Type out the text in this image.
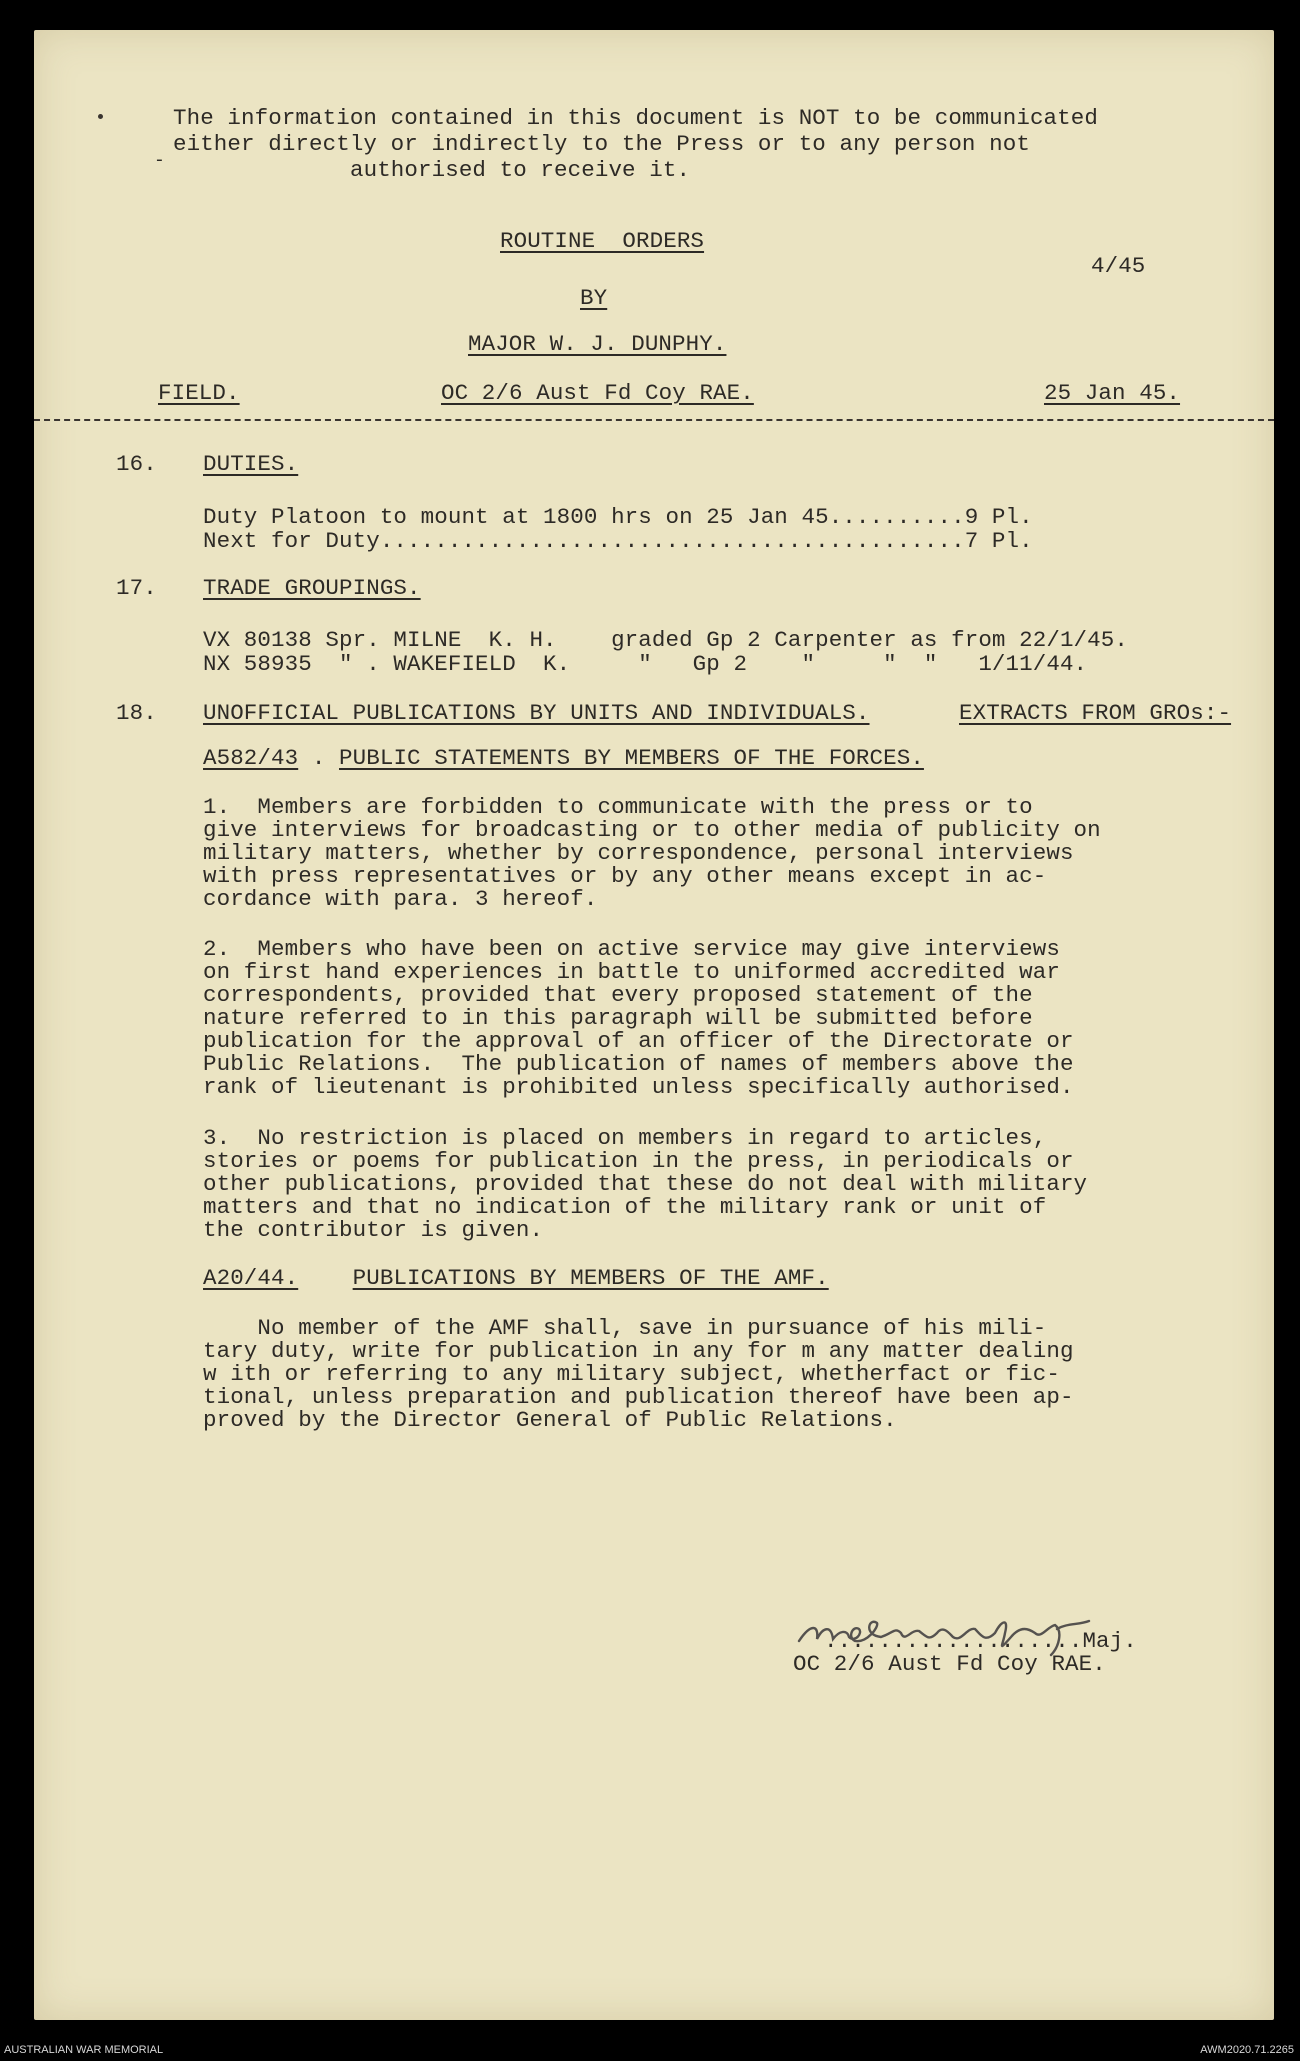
-
The information contained in this document is NOT to be communicated
either directly or indirectly to the Press or to any person not
authorised to receive it.
ROUTINE  ORDERS
4/45
BY
MAJOR W. J. DUNPHY.
FIELD.	OC 2/6 Aust Fd Coy RAE.	25 Jan 45.
16. DUTIES.
Duty Platoon to mount at 1800 hrs on 25 Jan 45..........9 Pl.
Next for Duty...........................................7 Pl.
17. TRADE GROUPINGS.
VX 80138 Spr. MILNE  K. H.    graded Gp 2 Carpenter as from 22/1/45.
NX 58935  " . WAKEFIELD  K.     "   Gp 2    "     "  "   1/11/44.
18. UNOFFICIAL PUBLICATIONS BY UNITS AND INDIVIDUALS.	EXTRACTS FROM GROs:-
A582/43 . PUBLIC STATEMENTS BY MEMBERS OF THE FORCES.
1.  Members are forbidden to communicate with the press or to
give interviews for broadcasting or to other media of publicity on
military matters, whether by correspondence, personal interviews
with press representatives or by any other means except in ac-
cordance with para. 3 hereof.
2.  Members who have been on active service may give interviews
on first hand experiences in battle to uniformed accredited war
correspondents, provided that every proposed statement of the
nature referred to in this paragraph will be submitted before
publication for the approval of an officer of the Directorate or
Public Relations.  The publication of names of members above the
rank of lieutenant is prohibited unless specifically authorised.
3.  No restriction is placed on members in regard to articles,
stories or poems for publication in the press, in periodicals or
other publications, provided that these do not deal with military
matters and that no indication of the military rank or unit of
the contributor is given.
A20/44. PUBLICATIONS BY MEMBERS OF THE AMF.
No member of the AMF shall, save in pursuance of his mili-
tary duty, write for publication in any for m any matter dealing
w ith or referring to any military subject, whetherfact or fic-
tional, unless preparation and publication thereof have been ap-
proved by the Director General of Public Relations.
...................Maj.
OC 2/6 Aust Fd Coy RAE.
AUSTRALIAN WAR MEMORIAL	AWM2020.71.2265
